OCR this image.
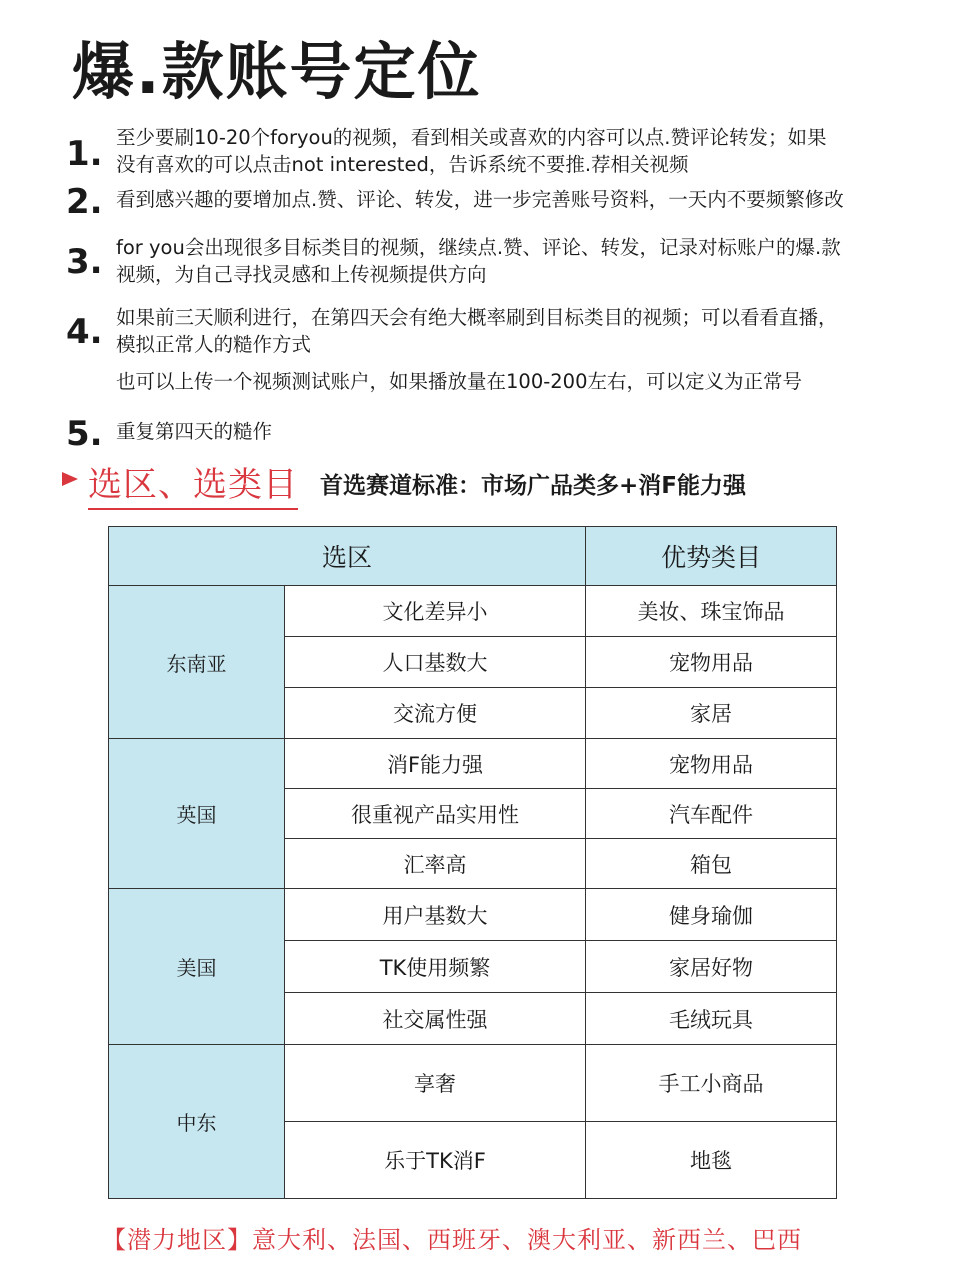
爆.款账号定位
1. 至少要刷10-20个foryou的视频，看到相关或喜欢的内容可以点.赞评论转发；如果
没有喜欢的可以点击not interested，告诉系统不要推.荐相关视频
2. 看到感兴趣的要增加点.赞、评论、转发，进一步完善账号资料，一天内不要频繁修改
3. for you会出现很多目标类目的视频，继续点.赞、评论、转发，记录对标账户的爆.款
视频，为自己寻找灵感和上传视频提供方向
4. 如果前三天顺利进行，在第四天会有绝大概率刷到目标类目的视频；可以看看直播，
模拟正常人的糙作方式
也可以上传一个视频测试账户，如果播放量在100-200左右，可以定义为正常号
5. 重复第四天的糙作
选区、选类目 首选赛道标准：市场广品类多+消F能力强
选区		优势类目
东南亚	文化差异小	美妆、珠宝饰品
	人口基数大	宠物用品
	交流方便	家居
英国	消F能力强	宠物用品
	很重视产品实用性	汽车配件
	汇率高	箱包
美国	用户基数大	健身瑜伽
	TK使用频繁	家居好物
	社交属性强	毛绒玩具
中东	享奢	手工小商品
	乐于TK消F	地毯
【潜力地区】意大利、法国、西班牙、澳大利亚、新西兰、巴西
